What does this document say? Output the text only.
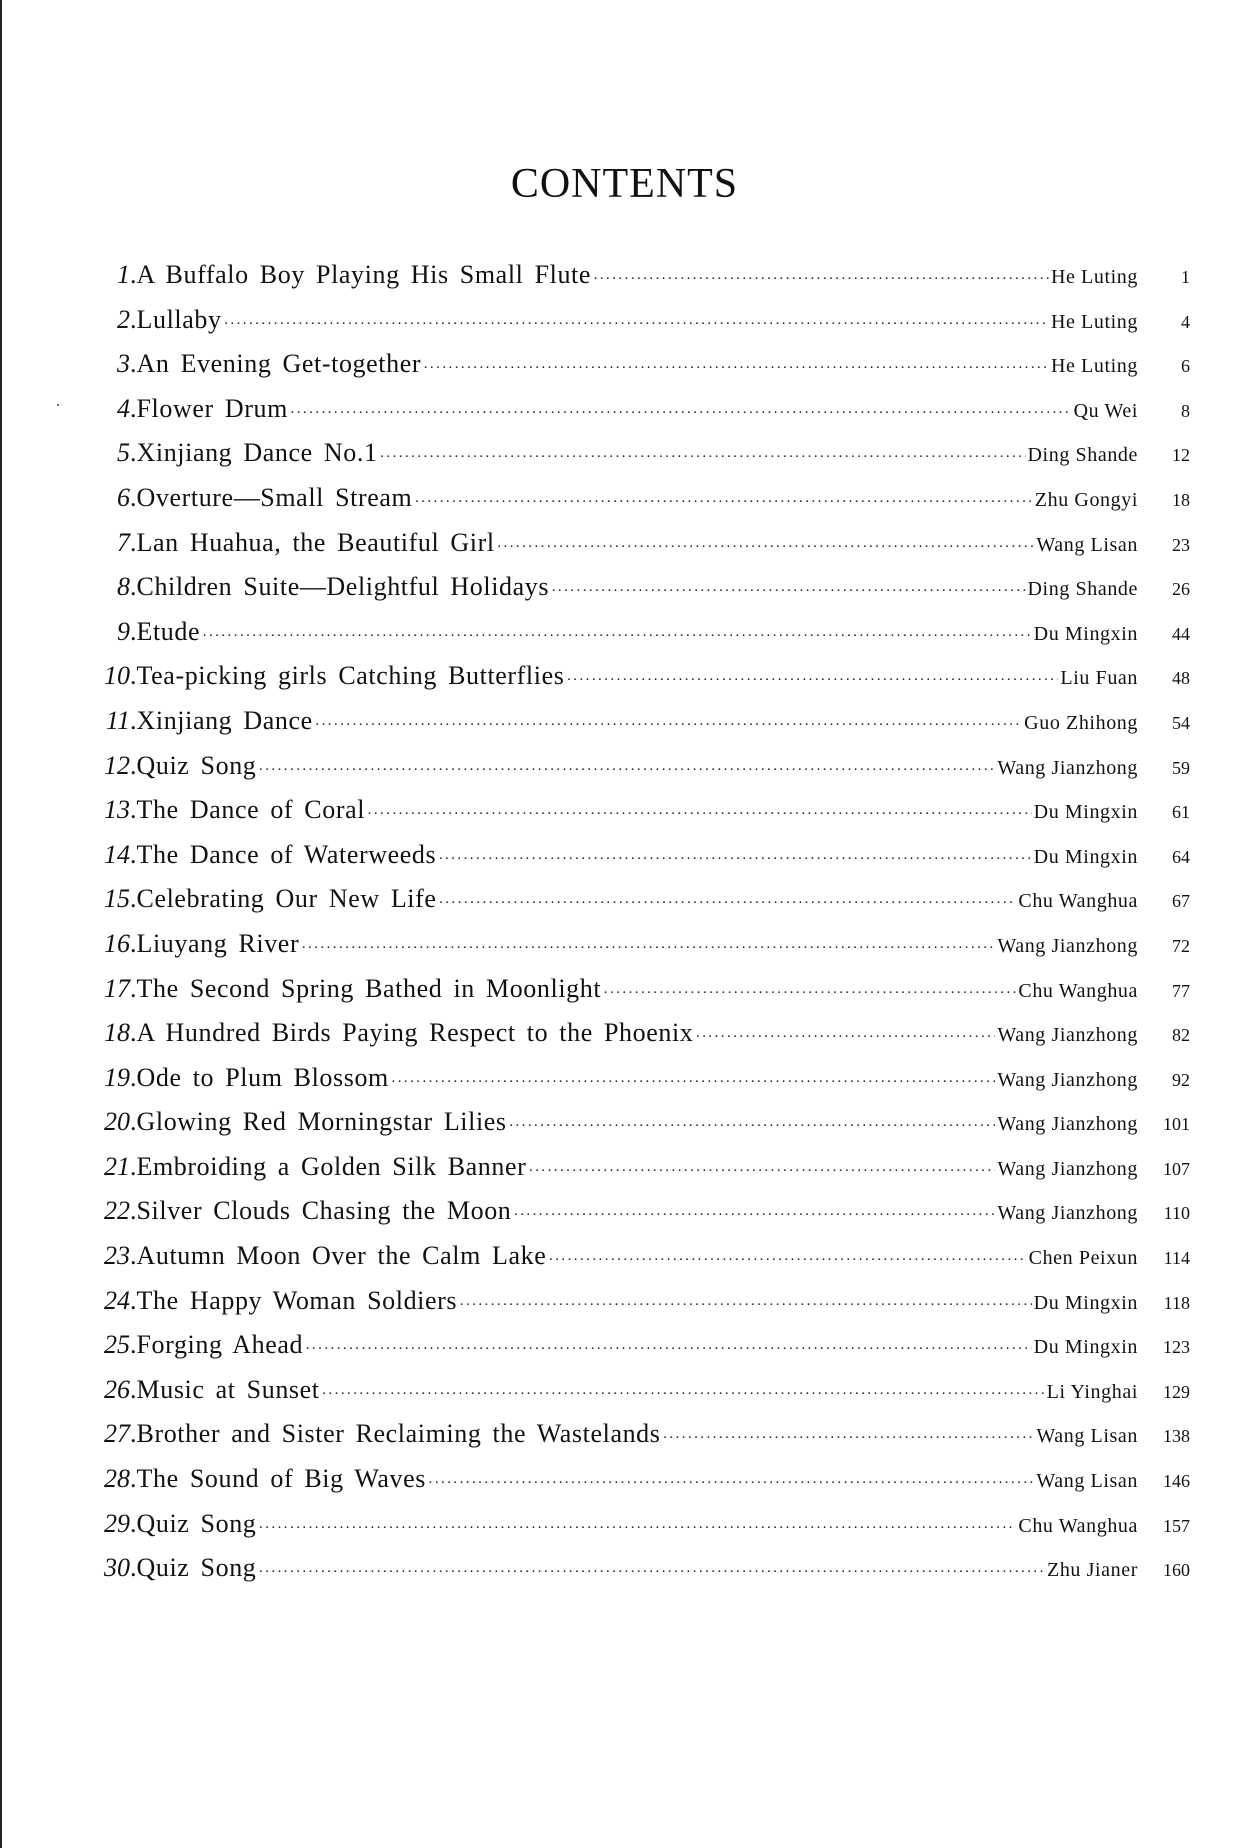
CONTENTS
1 . A Buffalo Boy Playing His Small Flute ·····	He Luting	1
2 . Lullaby ·····	He Luting	4
3 . An Evening Get-together ·····	He Luting	6
4 . Flower Drum ·····	Qu Wei	8
5 . Xinjiang Dance No.1 ·····	Ding Shande	12
6 . Overture—Small Stream ·····	Zhu Gongyi	18
7 . Lan Huahua, the Beautiful Girl ·····	Wang Lisan	23
8 . Children Suite—Delightful Holidays ·····	Ding Shande	26
9 . Etude ·····	Du Mingxin	44
10 . Tea-picking girls Catching Butterflies ·····	Liu Fuan	48
11 . Xinjiang Dance ·····	Guo Zhihong	54
12 . Quiz Song ·····	Wang Jianzhong	59
13 . The Dance of Coral ·····	Du Mingxin	61
14 . The Dance of Waterweeds ·····	Du Mingxin	64
15 . Celebrating Our New Life ·····	Chu Wanghua	67
16 . Liuyang River ·····	Wang Jianzhong	72
17 . The Second Spring Bathed in Moonlight ·····	Chu Wanghua	77
18 . A Hundred Birds Paying Respect to the Phoenix ·····	Wang Jianzhong	82
19 . Ode to Plum Blossom ·····	Wang Jianzhong	92
20 . Glowing Red Morningstar Lilies ·····	Wang Jianzhong	101
21 . Embroiding a Golden Silk Banner ·····	Wang Jianzhong	107
22 . Silver Clouds Chasing the Moon ·····	Wang Jianzhong	110
23 . Autumn Moon Over the Calm Lake ·····	Chen Peixun	114
24 . The Happy Woman Soldiers ·····	Du Mingxin	118
25 . Forging Ahead ·····	Du Mingxin	123
26 . Music at Sunset ·····	Li Yinghai	129
27 . Brother and Sister Reclaiming the Wastelands ·····	Wang Lisan	138
28 . The Sound of Big Waves ·····	Wang Lisan	146
29 . Quiz Song ·····	Chu Wanghua	157
30 . Quiz Song ·····	Zhu Jianer	160
